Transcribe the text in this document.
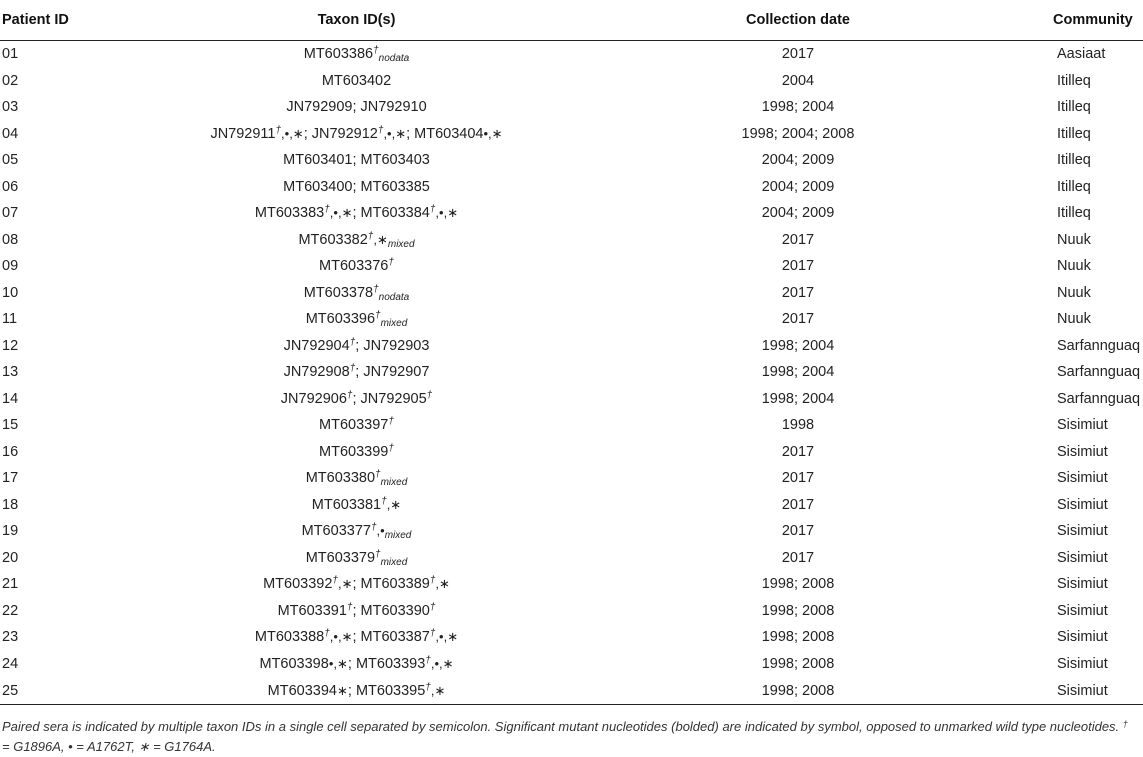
Patient ID	Taxon ID(s)	Collection date	Community
01	$MT603386^\dagger_{nodata}$	2017	Aasiaat
02	MT603402	2004	Itilleq
03	JN792909; JN792910	1998; 2004	Itilleq
04	JN792911†,•,∗; JN792912†,•,∗; MT603404•,∗	1998; 2004; 2008	Itilleq
05	MT603401; MT603403	2004; 2009	Itilleq
06	MT603400; MT603385	2004; 2009	Itilleq
07	MT603383†,•,∗; MT603384†,•,∗	2004; 2009	Itilleq
08	$MT603382^\dagger,∗_{mixed}$	2017	Nuuk
09	MT603376†	2017	Nuuk
10	$MT603378^\dagger_{nodata}$	2017	Nuuk
11	$MT603396^\dagger_{mixed}$	2017	Nuuk
12	JN792904†; JN792903	1998; 2004	Sarfannguaq
13	JN792908†; JN792907	1998; 2004	Sarfannguaq
14	JN792906†; JN792905†	1998; 2004	Sarfannguaq
15	MT603397†	1998	Sisimiut
16	MT603399†	2017	Sisimiut
17	$MT603380^\dagger_{mixed}$	2017	Sisimiut
18	MT603381†,∗	2017	Sisimiut
19	$MT603377^\dagger,•_{mixed}$	2017	Sisimiut
20	$MT603379^\dagger_{mixed}$	2017	Sisimiut
21	MT603392†,∗; MT603389†,∗	1998; 2008	Sisimiut
22	MT603391†; MT603390†	1998; 2008	Sisimiut
23	MT603388†,•,∗; MT603387†,•,∗	1998; 2008	Sisimiut
24	MT603398•,∗; MT603393†,•,∗	1998; 2008	Sisimiut
25	MT603394∗; MT603395†,∗	1998; 2008	Sisimiut
Paired sera is indicated by multiple taxon IDs in a single cell separated by semicolon. Significant mutant nucleotides (bolded) are indicated by symbol, opposed to unmarked wild type nucleotides. † = G1896A, • = A1762T, ∗ = G1764A.
